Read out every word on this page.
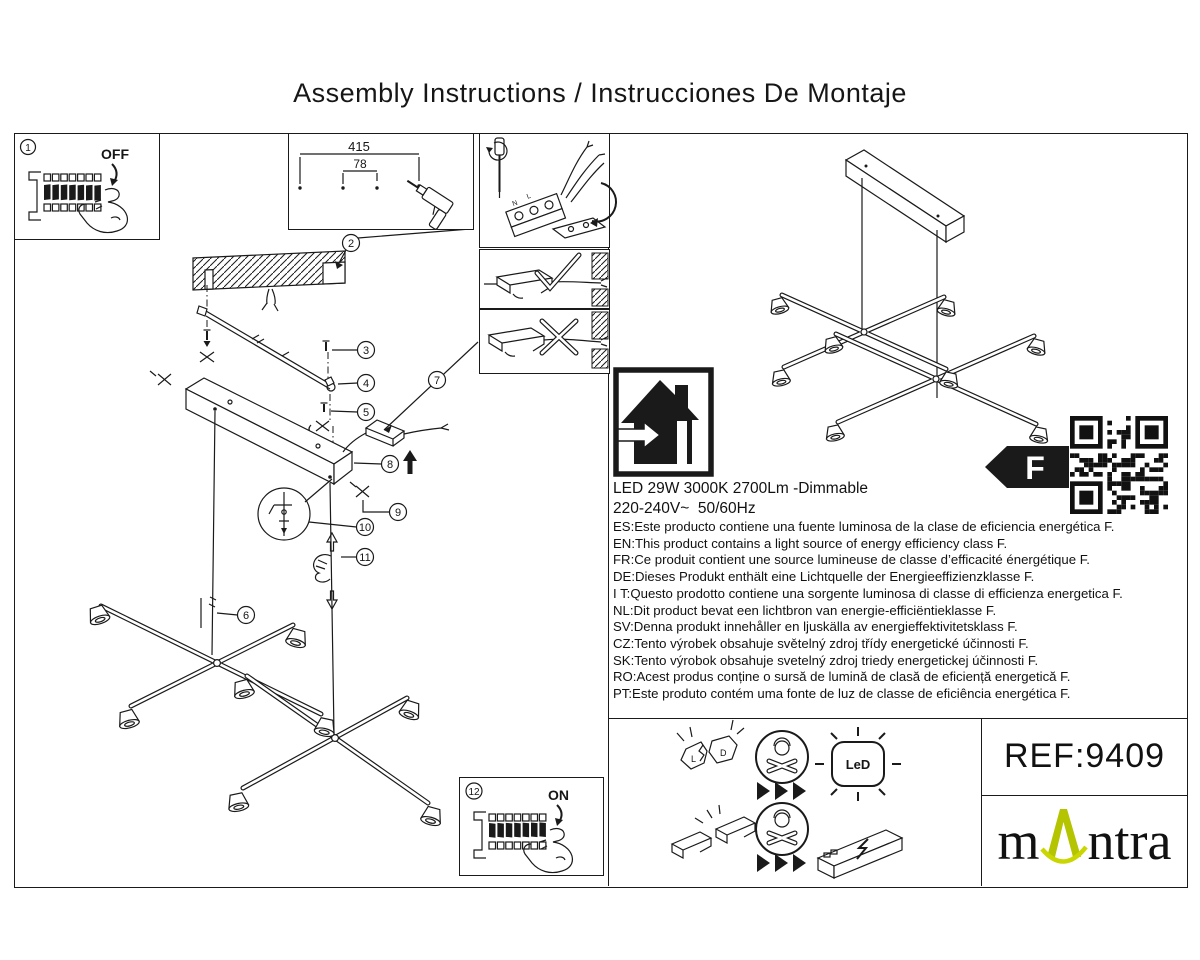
Assembly Instructions / Instrucciones De Montaje
2
3
4
5
7
8
9
10
11
6
1	OFF	415
78
N
L
F
LED 29W 3000K 2700Lm -Dimmable
220-240V~  50/60Hz
ES:Este producto contiene una fuente luminosa de la clase de eficiencia energética F.
EN:This product contains a light source of energy efficiency class F.
FR:Ce produit contient une source lumineuse de classe d’efficacité énergétique F.
DE:Dieses Produkt enthält eine Lichtquelle der Energieeffizienzklasse F.
I T:Questo prodotto contiene una sorgente luminosa di classe di efficienza energetica F.
NL:Dit product bevat een lichtbron van energie-efficiëntieklasse F.
SV:Denna produkt innehåller en ljuskälla av energieffektivitetsklass F.
CZ:Tento výrobek obsahuje světelný zdroj třídy energetické účinnosti F.
SK:Tento výrobok obsahuje svetelný zdroj triedy energetickej účinnosti F.
RO:Acest produs conține o sursă de lumină de clasă de eficiență energetică F.
PT:Este produto contém uma fonte de luz de classe de eficiência energética F.
L
D
LeD
12	ON
REF:9409
m ntra
